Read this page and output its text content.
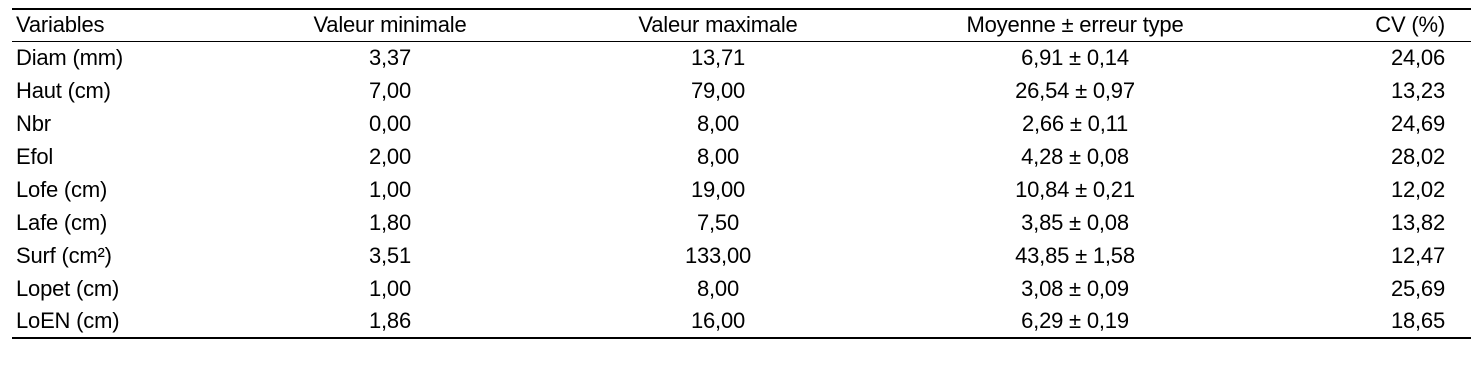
Variables	Valeur minimale	Valeur maximale	Moyenne ± erreur type	CV (%)
Diam (mm)	3,37	13,71	6,91 ± 0,14	24,06
Haut (cm)	7,00	79,00	26,54 ± 0,97	13,23
Nbr	0,00	8,00	2,66 ± 0,11	24,69
Efol	2,00	8,00	4,28 ± 0,08	28,02
Lofe (cm)	1,00	19,00	10,84 ± 0,21	12,02
Lafe (cm)	1,80	7,50	3,85 ± 0,08	13,82
Surf (cm²)	3,51	133,00	43,85 ± 1,58	12,47
Lopet (cm)	1,00	8,00	3,08 ± 0,09	25,69
LoEN (cm)	1,86	16,00	6,29 ± 0,19	18,65
